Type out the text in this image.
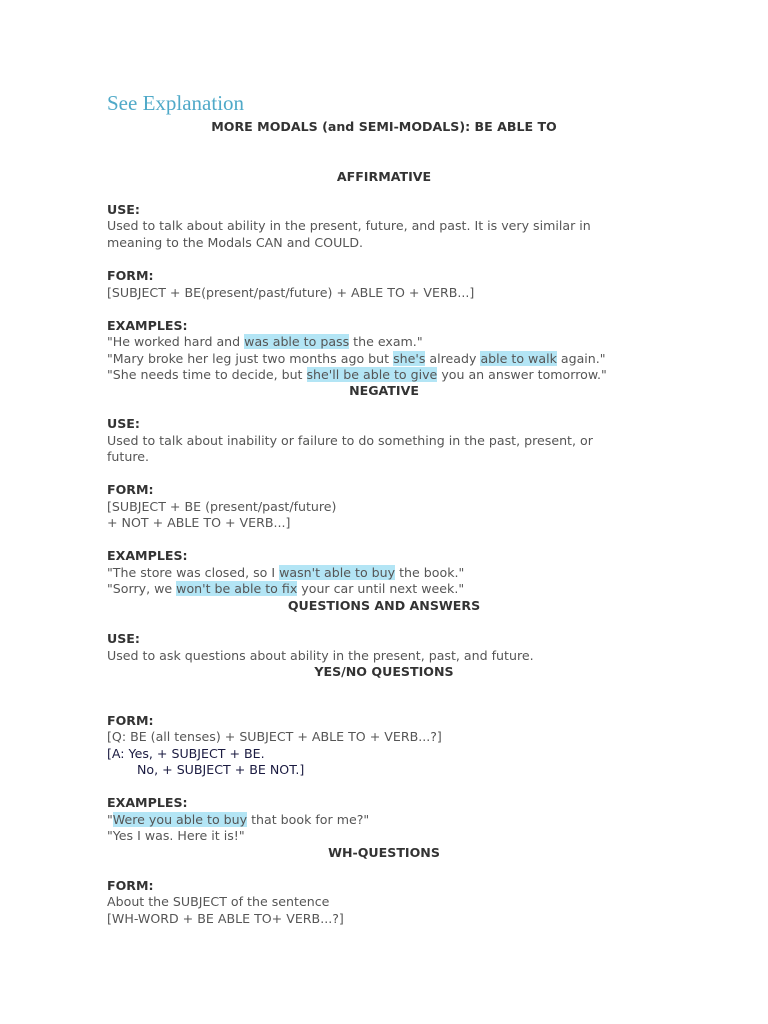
See Explanation
MORE MODALS (and SEMI-MODALS): BE ABLE TO
AFFIRMATIVE
USE:
Used to talk about ability in the present, future, and past. It is very similar in
meaning to the Modals CAN and COULD.
FORM:
[SUBJECT + BE(present/past/future) + ABLE TO + VERB...]
EXAMPLES:
"He worked hard and was able to pass the exam."
"Mary broke her leg just two months ago but she's already able to walk again."
"She needs time to decide, but she'll be able to give you an answer tomorrow."
NEGATIVE
USE:
Used to talk about inability or failure to do something in the past, present, or
future.
FORM:
[SUBJECT + BE (present/past/future)
+ NOT + ABLE TO + VERB...]
EXAMPLES:
"The store was closed, so I wasn't able to buy the book."
"Sorry, we won't be able to fix your car until next week."
QUESTIONS AND ANSWERS
USE:
Used to ask questions about ability in the present, past, and future.
YES/NO QUESTIONS
FORM:
[Q: BE (all tenses) + SUBJECT + ABLE TO + VERB...?]
[A: Yes, + SUBJECT + BE.
No, + SUBJECT + BE NOT.]
EXAMPLES:
"Were you able to buy that book for me?"
"Yes I was. Here it is!"
WH-QUESTIONS
FORM:
About the SUBJECT of the sentence
[WH-WORD + BE ABLE TO+ VERB...?]
